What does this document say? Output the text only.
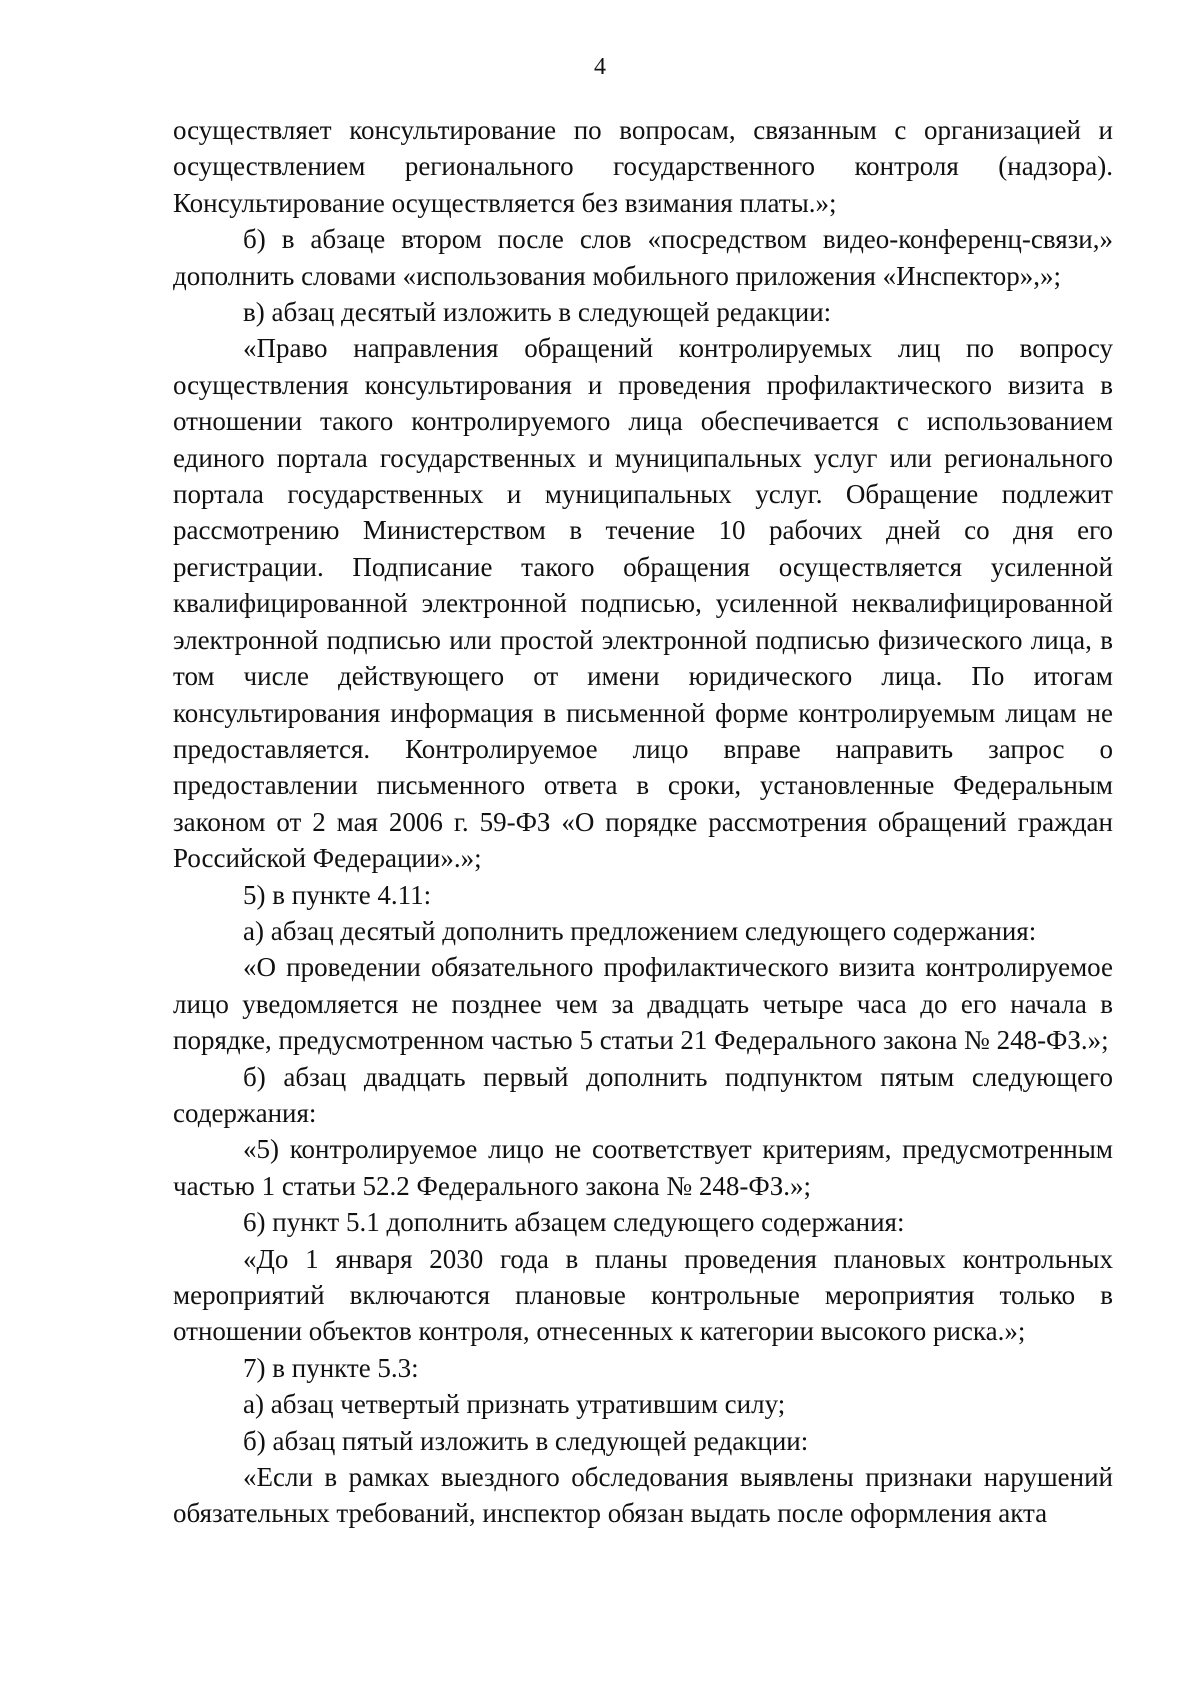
4

осуществляет консультирование по вопросам, связанным с организацией и осуществлением регионального государственного контроля (надзора). Консультирование осуществляется без взимания платы.»;

б) в абзаце втором после слов «посредством видео-конференц-связи,» дополнить словами «использования мобильного приложения «Инспектор»,»;

в) абзац десятый изложить в следующей редакции:

«Право направления обращений контролируемых лиц по вопросу осуществления консультирования и проведения профилактического визита в отношении такого контролируемого лица обеспечивается с использованием единого портала государственных и муниципальных услуг или регионального портала государственных и муниципальных услуг. Обращение подлежит рассмотрению Министерством в течение 10 рабочих дней со дня его регистрации. Подписание такого обращения осуществляется усиленной квалифицированной электронной подписью, усиленной неквалифицированной электронной подписью или простой электронной подписью физического лица, в том числе действующего от имени юридического лица. По итогам консультирования информация в письменной форме контролируемым лицам не предоставляется. Контролируемое лицо вправе направить запрос о предоставлении письменного ответа в сроки, установленные Федеральным законом от 2 мая 2006 г. 59-ФЗ «О порядке рассмотрения обращений граждан Российской Федерации».»;

5) в пункте 4.11:

а) абзац десятый дополнить предложением следующего содержания:

«О проведении обязательного профилактического визита контролируемое лицо уведомляется не позднее чем за двадцать четыре часа до его начала в порядке, предусмотренном частью 5 статьи 21 Федерального закона № 248-ФЗ.»;

б) абзац двадцать первый дополнить подпунктом пятым следующего содержания:

«5) контролируемое лицо не соответствует критериям, предусмотренным частью 1 статьи 52.2 Федерального закона № 248-ФЗ.»;

6) пункт 5.1 дополнить абзацем следующего содержания:

«До 1 января 2030 года в планы проведения плановых контрольных мероприятий включаются плановые контрольные мероприятия только в отношении объектов контроля, отнесенных к категории высокого риска.»;

7) в пункте 5.3:

а) абзац четвертый признать утратившим силу;

б) абзац пятый изложить в следующей редакции:

«Если в рамках выездного обследования выявлены признаки нарушений обязательных требований, инспектор обязан выдать после оформления акта
